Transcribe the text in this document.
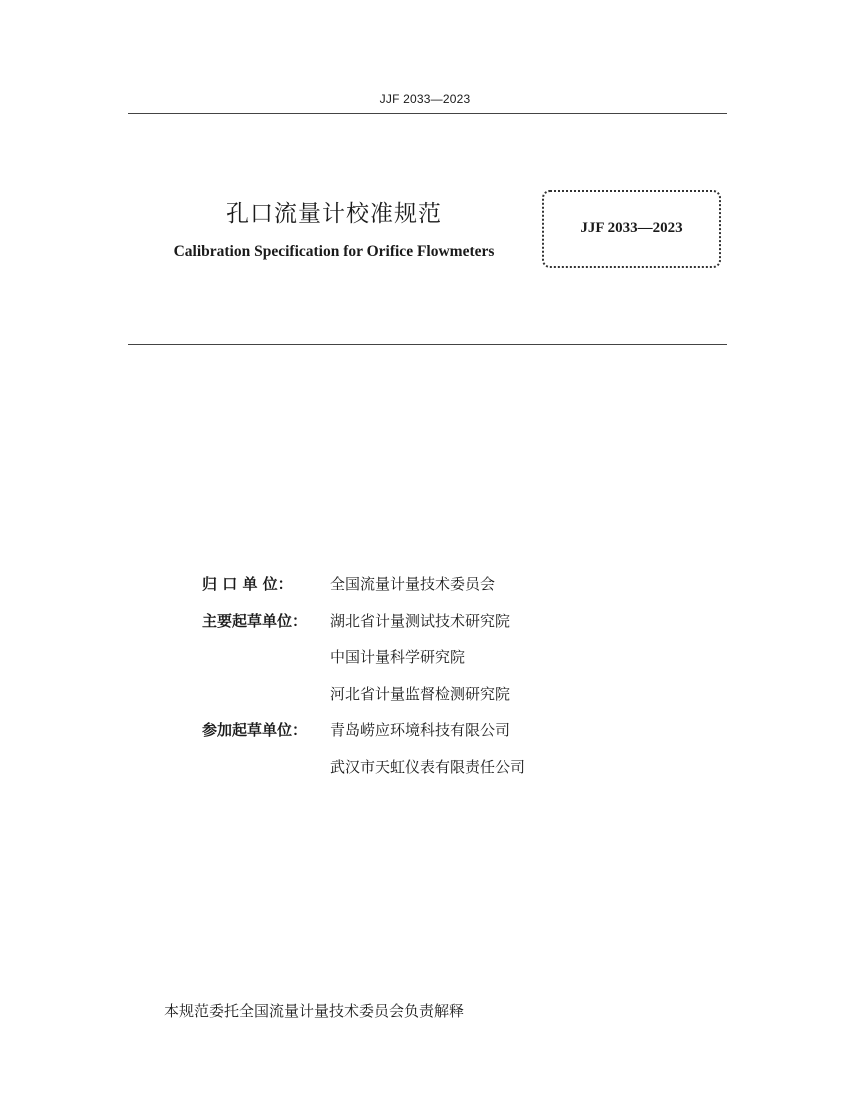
JJF 2033—2023
孔口流量计校准规范
Calibration Specification for Orifice Flowmeters
JJF 2033—2023
归 口 单 位：	全国流量计量技术委员会
主要起草单位：	湖北省计量测试技术研究院
中国计量科学研究院
河北省计量监督检测研究院
参加起草单位：	青岛崂应环境科技有限公司
武汉市天虹仪表有限责任公司
本规范委托全国流量计量技术委员会负责解释
